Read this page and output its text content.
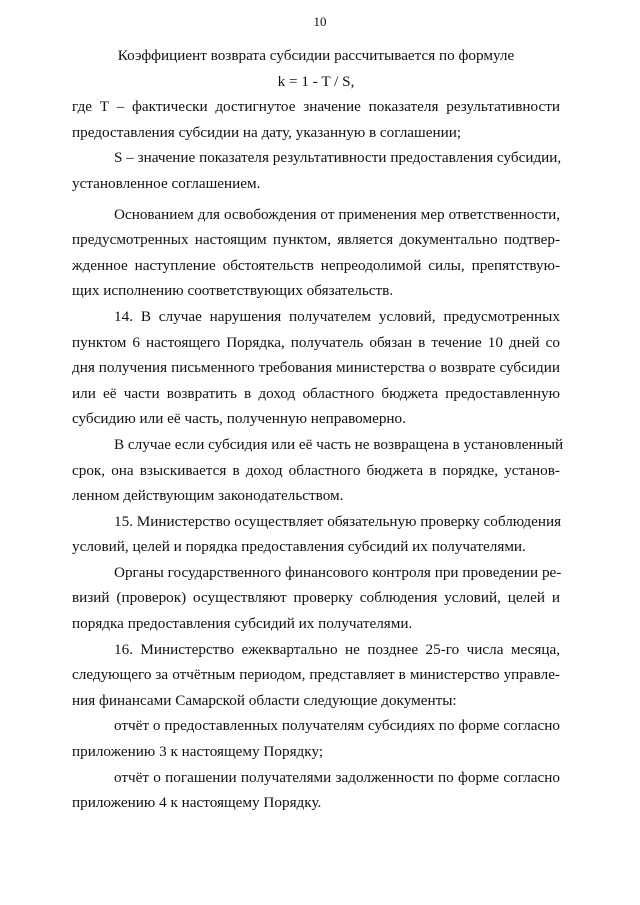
10
Коэффициент возврата субсидии рассчитывается по формуле
k = 1 - T / S,
где Т – фактически достигнутое значение показателя результативности
предоставления субсидии на дату, указанную в соглашении;
S – значение показателя результативности предоставления субсидии,
установленное соглашением.
Основанием для освобождения от применения мер ответственности,
предусмотренных настоящим пунктом, является документально подтвер-
жденное наступление обстоятельств непреодолимой силы, препятствую-
щих исполнению соответствующих обязательств.
14. В случае нарушения получателем условий, предусмотренных
пунктом 6 настоящего Порядка, получатель обязан в течение 10 дней со
дня получения письменного требования министерства о возврате субсидии
или её части возвратить в доход областного бюджета предоставленную
субсидию или её часть, полученную неправомерно.
В случае если субсидия или её часть не возвращена в установленный
срок, она взыскивается в доход областного бюджета в порядке, установ-
ленном действующим законодательством.
15. Министерство осуществляет обязательную проверку соблюдения
условий, целей и порядка предоставления субсидий их получателями.
Органы государственного финансового контроля при проведении ре-
визий (проверок) осуществляют проверку соблюдения условий, целей и
порядка предоставления субсидий их получателями.
16. Министерство ежеквартально не позднее 25-го числа месяца,
следующего за отчётным периодом, представляет в министерство управле-
ния финансами Самарской области следующие документы:
отчёт о предоставленных получателям субсидиях по форме согласно
приложению 3 к настоящему Порядку;
отчёт о погашении получателями задолженности по форме согласно
приложению 4 к настоящему Порядку.
